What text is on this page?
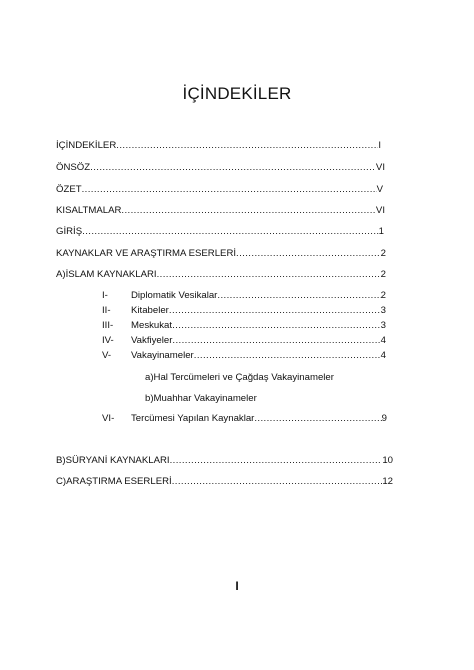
İÇİNDEKİLER
İÇİNDEKİLER .....	I
ÖNSÖZ .....	VI
ÖZET .....	V
KISALTMALAR .....	VI
GİRİŞ .....	1
KAYNAKLAR VE ARAŞTIRMA ESERLERİ .....	2
A)İSLAM KAYNAKLARI .....	2
I- Diplomatik Vesikalar .....	2
II- Kitabeler .....	3
III- Meskukat .....	3
IV- Vakfiyeler .....	4
V- Vakayinameler .....	4
a)Hal Tercümeleri ve Çağdaş Vakayinameler
b)Muahhar Vakayinameler
VI- Tercümesi Yapılan Kaynaklar .....	9
B)SÜRYANİ KAYNAKLARI .....	10
C)ARAŞTIRMA ESERLERİ .....	12
I
